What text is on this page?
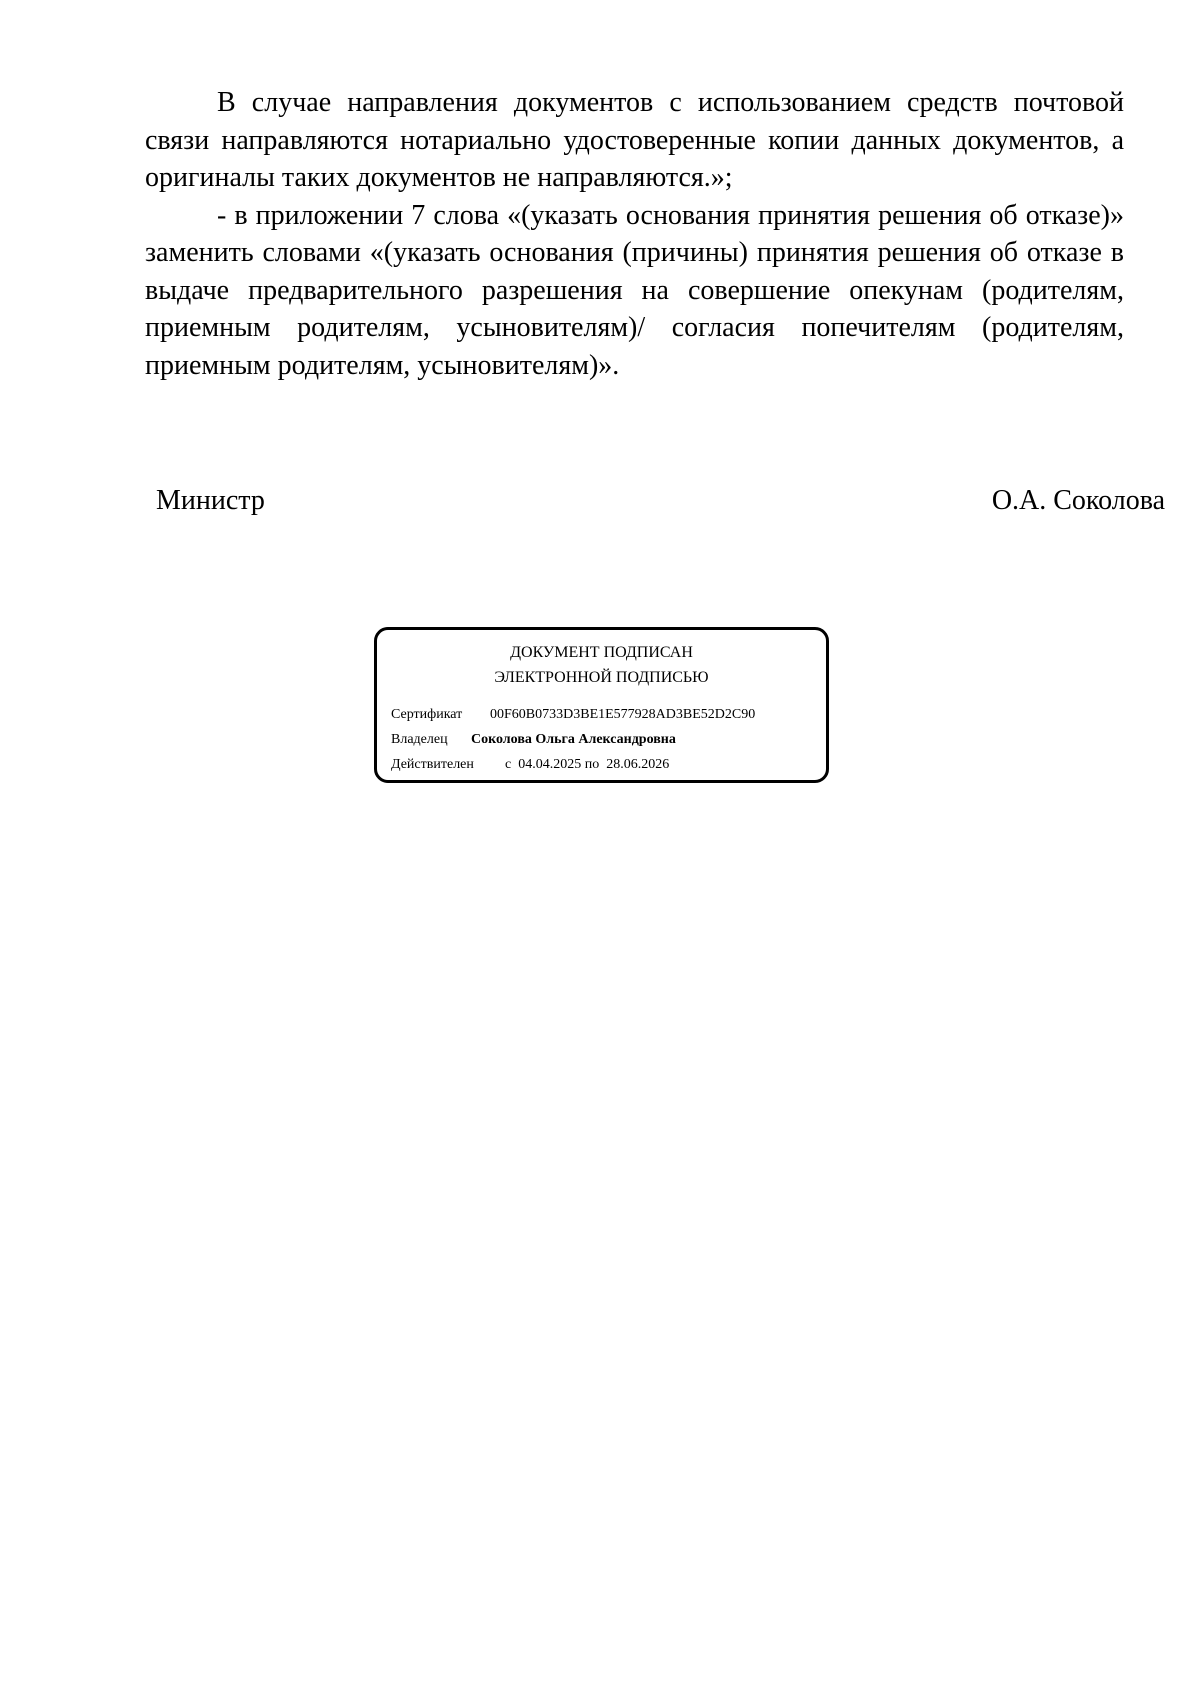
В случае направления документов с использованием средств почтовой связи направляются нотариально удостоверенные копии данных документов, а оригиналы таких документов не направляются.»;

- в приложении 7 слова «(указать основания принятия решения об отказе)» заменить словами «(указать основания (причины) принятия решения об отказе в выдаче предварительного разрешения на совершение опекунам (родителям, приемным родителям, усыновителям)/ согласия попечителям (родителям, приемным родителям, усыновителям)».

Министр	О.А. Соколова
ДОКУМЕНТ ПОДПИСАН
ЭЛЕКТРОННОЙ ПОДПИСЬЮ
Сертификат 00F60B0733D3BE1E577928AD3BE52D2C90
Владелец Соколова Ольга Александровна
Действителен с 04.04.2025 по 28.06.2026
